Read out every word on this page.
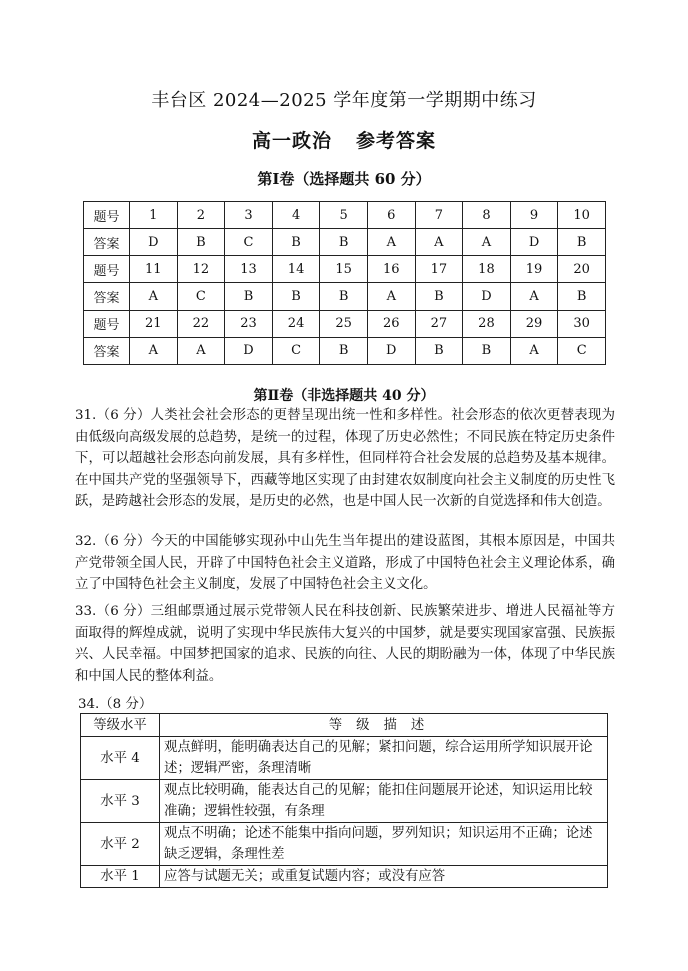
丰台区 2024—2025 学年度第一学期期中练习
高一政治 参考答案
第Ⅰ卷（选择题共 60 分）
题号	1	2	3	4	5	6	7	8	9	10
答案	D	B	C	B	B	A	A	A	D	B
题号	11	12	13	14	15	16	17	18	19	20
答案	A	C	B	B	B	A	B	D	A	B
题号	21	22	23	24	25	26	27	28	29	30
答案	A	A	D	C	B	D	B	B	A	C
第Ⅱ卷（非选择题共 40 分）
31.（6 分）人类社会社会形态的更替呈现出统一性和多样性。社会形态的依次更替表现为由低级向高级发展的总趋势，是统一的过程，体现了历史必然性；不同民族在特定历史条件下，可以超越社会形态向前发展，具有多样性，但同样符合社会发展的总趋势及基本规律。在中国共产党的坚强领导下，西藏等地区实现了由封建农奴制度向社会主义制度的历史性飞跃，是跨越社会形态的发展，是历史的必然，也是中国人民一次新的自觉选择和伟大创造。
32.（6 分）今天的中国能够实现孙中山先生当年提出的建设蓝图，其根本原因是，中国共产党带领全国人民，开辟了中国特色社会主义道路，形成了中国特色社会主义理论体系，确立了中国特色社会主义制度，发展了中国特色社会主义文化。
33.（6 分）三组邮票通过展示党带领人民在科技创新、民族繁荣进步、增进人民福祉等方面取得的辉煌成就，说明了实现中华民族伟大复兴的中国梦，就是要实现国家富强、民族振兴、人民幸福。中国梦把国家的追求、民族的向往、人民的期盼融为一体，体现了中华民族和中国人民的整体利益。
34.（8 分）
等级水平	等级描述
水平 4	观点鲜明，能明确表达自己的见解；紧扣问题，综合运用所学知识展开论述；逻辑严密，条理清晰
水平 3	观点比较明确，能表达自己的见解；能扣住问题展开论述，知识运用比较准确；逻辑性较强，有条理
水平 2	观点不明确；论述不能集中指向问题，罗列知识；知识运用不正确；论述缺乏逻辑，条理性差
水平 1	应答与试题无关；或重复试题内容；或没有应答
